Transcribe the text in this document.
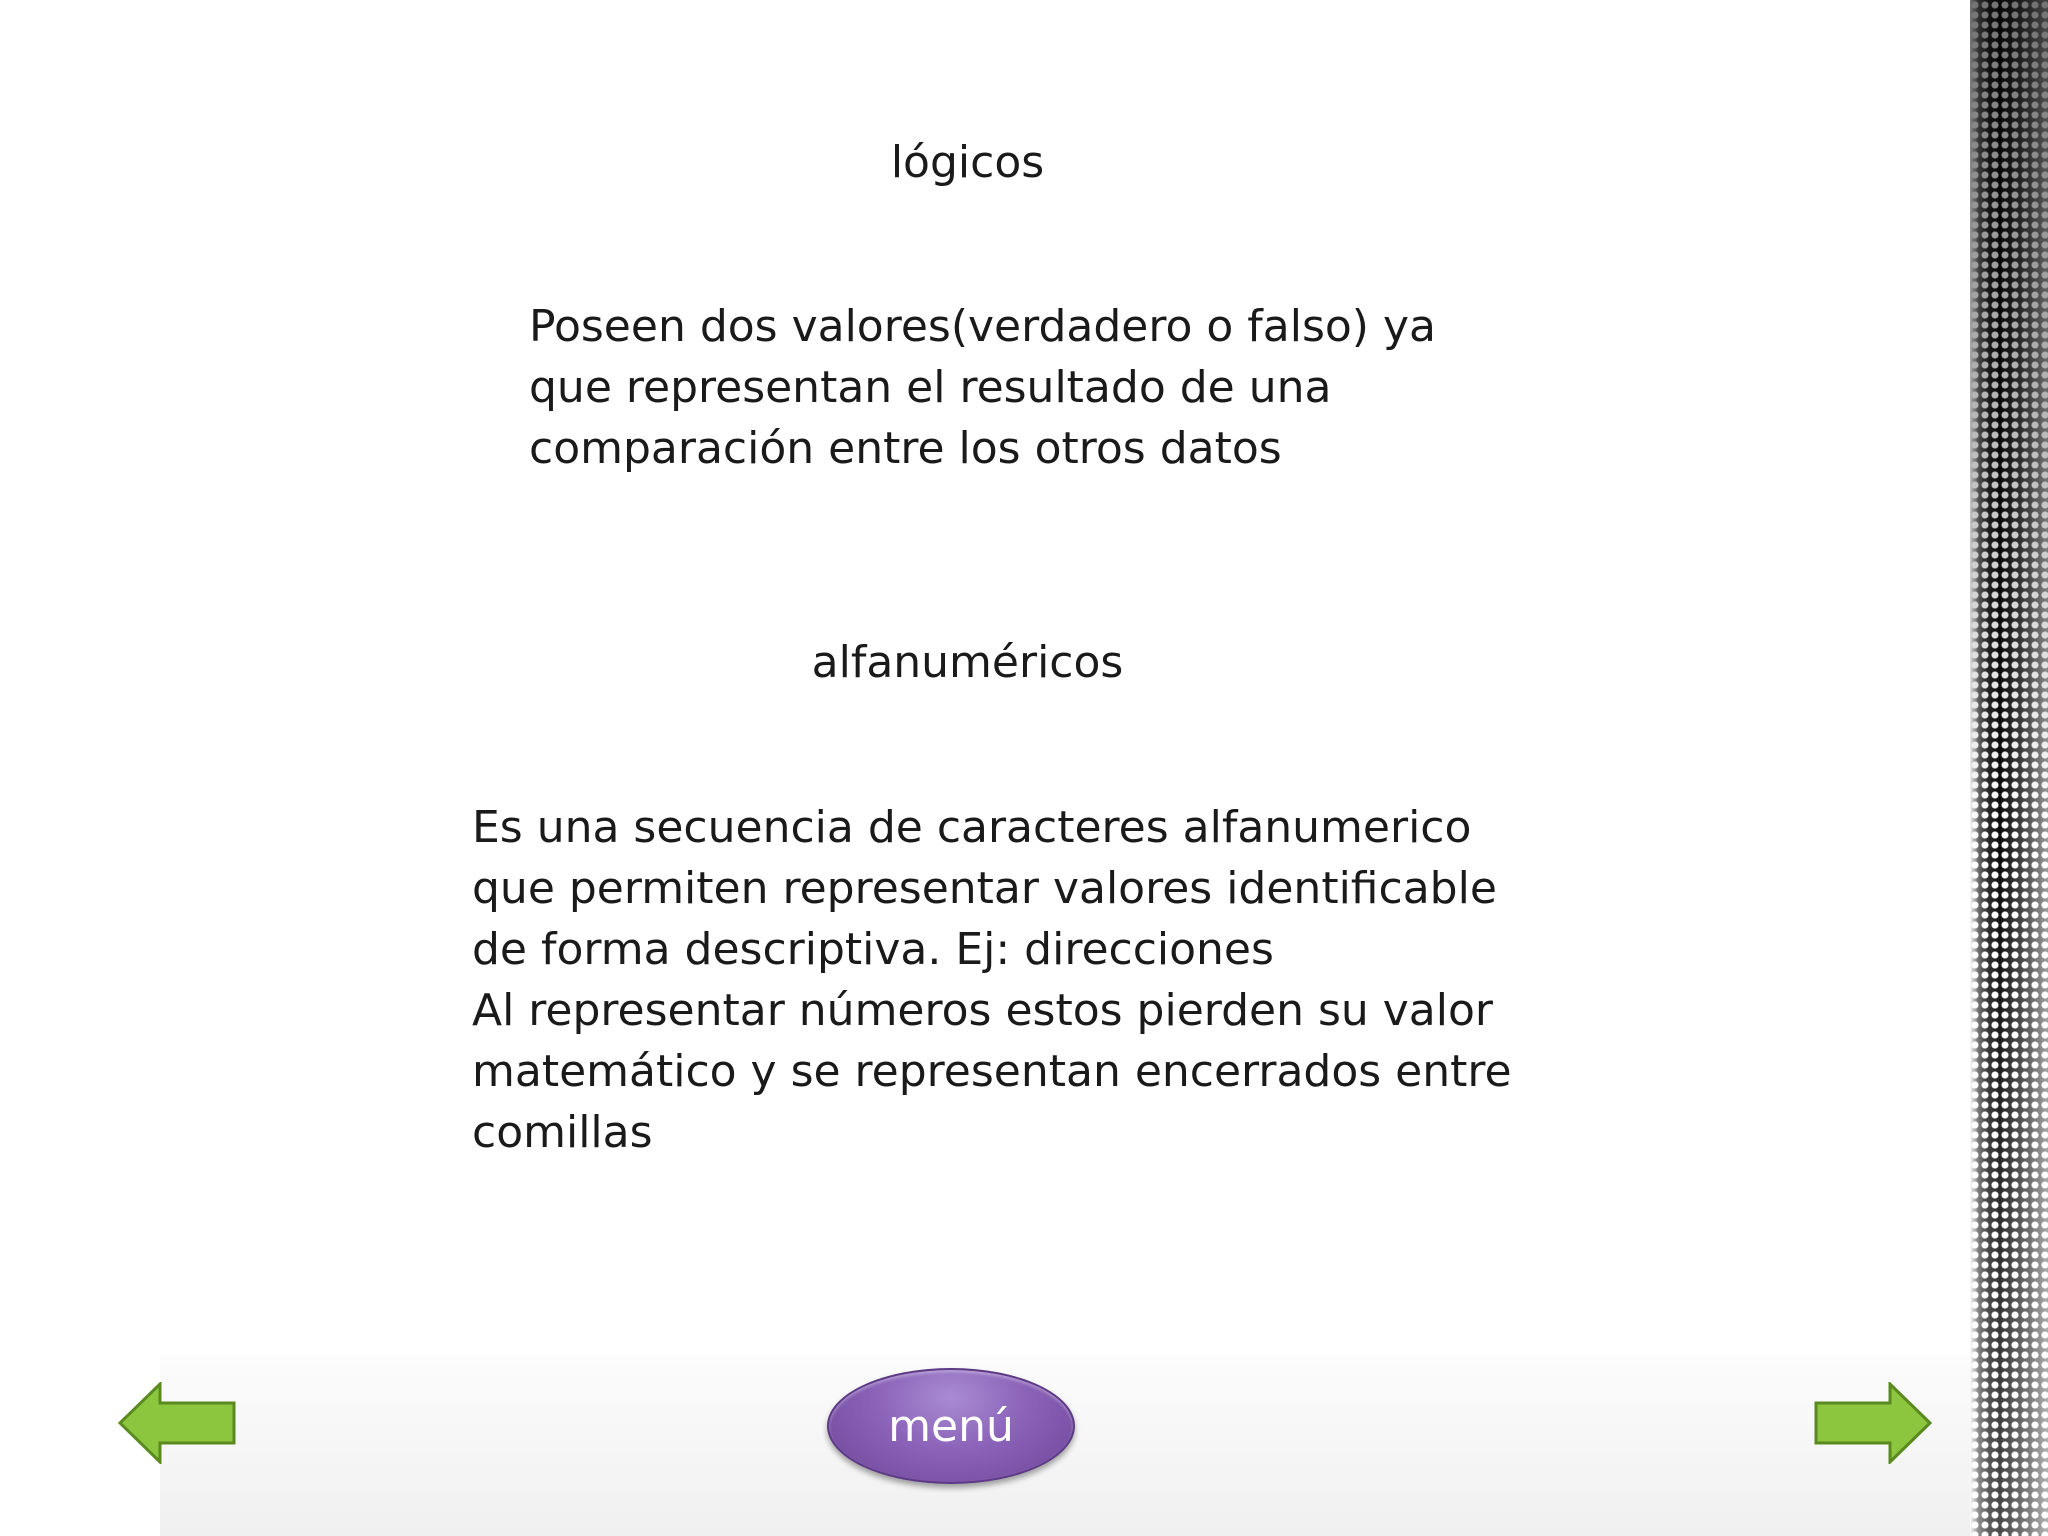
lógicos
Poseen dos valores(verdadero o falso) ya
que representan el resultado de una
comparación entre los otros datos
alfanuméricos
Es una secuencia de caracteres alfanumerico
que permiten representar valores identificable
de forma descriptiva. Ej: direcciones
Al representar números estos pierden su valor
matemático y se representan encerrados entre
comillas
menú
